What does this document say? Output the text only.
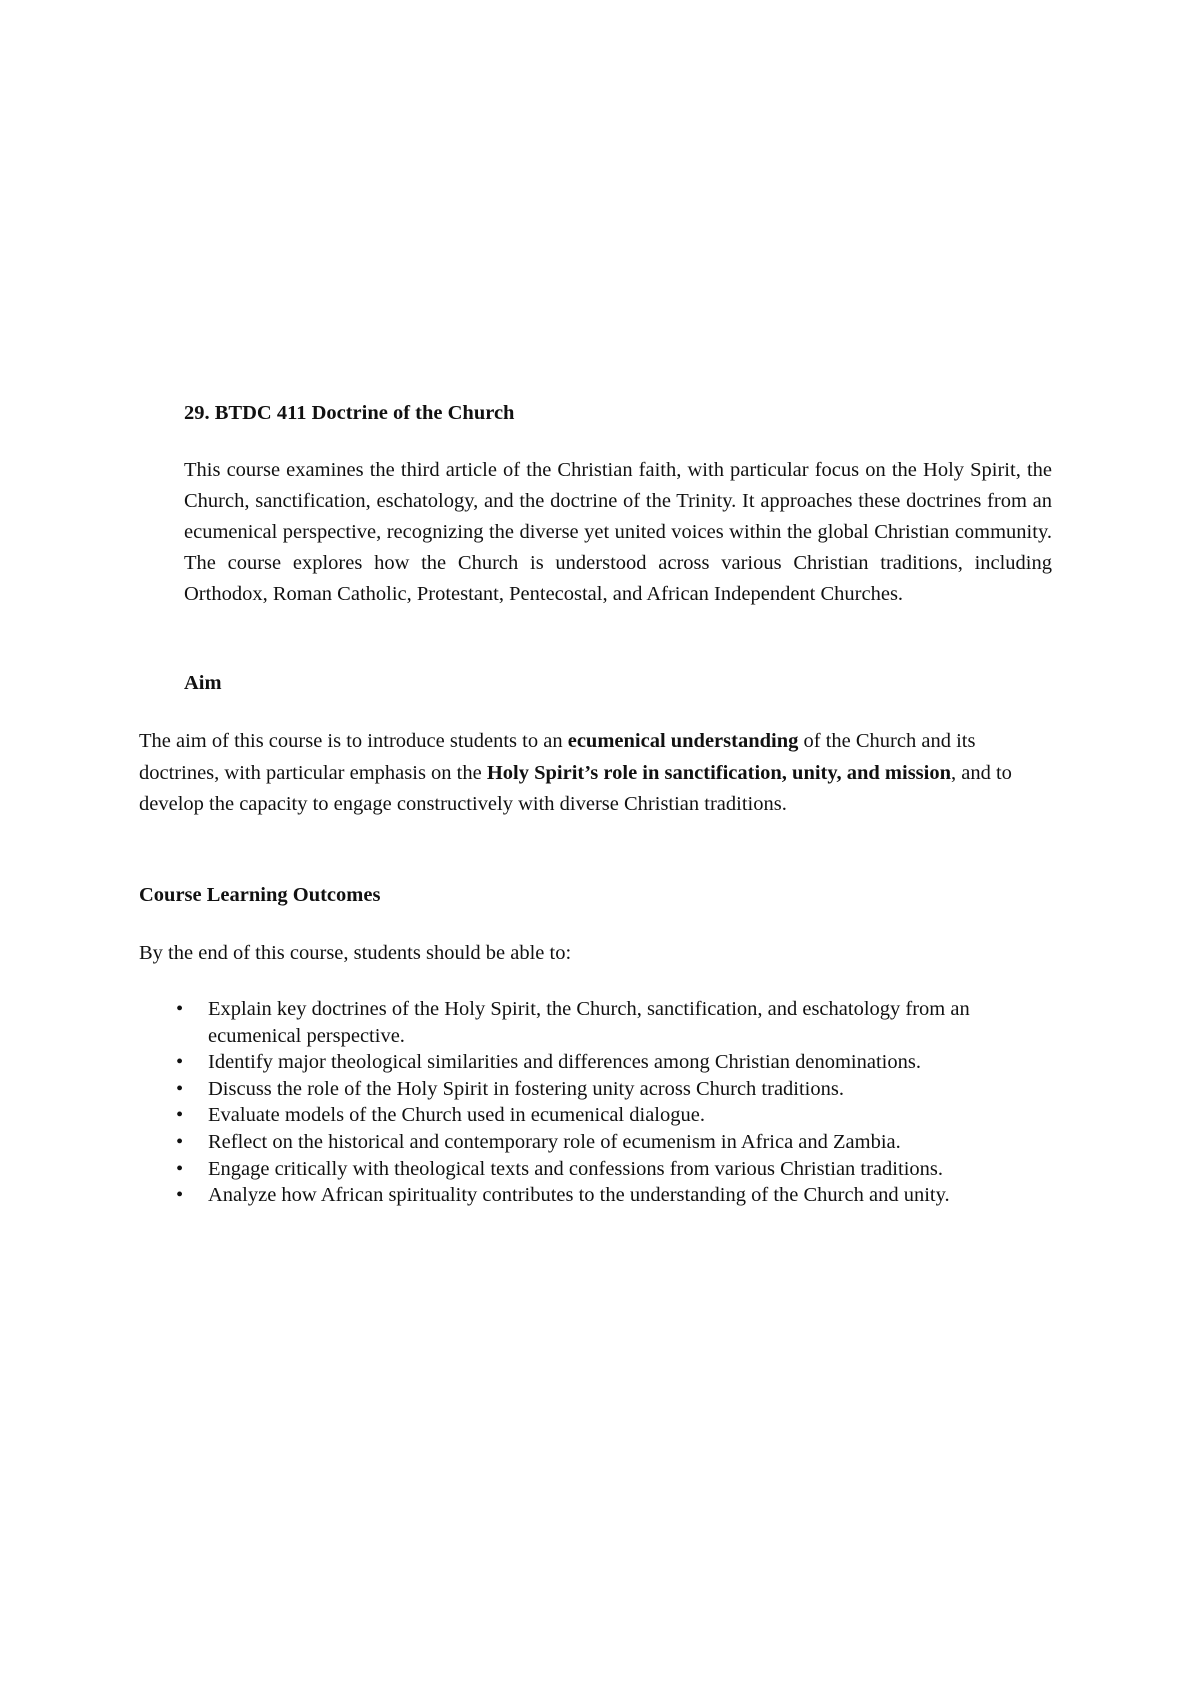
29. BTDC 411 Doctrine of the Church

This course examines the third article of the Christian faith, with particular focus on the Holy Spirit, the Church, sanctification, eschatology, and the doctrine of the Trinity. It approaches these doctrines from an ecumenical perspective, recognizing the diverse yet united voices within the global Christian community. The course explores how the Church is understood across various Christian traditions, including Orthodox, Roman Catholic, Protestant, Pentecostal, and African Independent Churches.

Aim

The aim of this course is to introduce students to an ecumenical understanding of the Church and its doctrines, with particular emphasis on the Holy Spirit’s role in sanctification, unity, and mission, and to develop the capacity to engage constructively with diverse Christian traditions.

Course Learning Outcomes

By the end of this course, students should be able to:

• Explain key doctrines of the Holy Spirit, the Church, sanctification, and eschatology from an ecumenical perspective.
• Identify major theological similarities and differences among Christian denominations.
• Discuss the role of the Holy Spirit in fostering unity across Church traditions.
• Evaluate models of the Church used in ecumenical dialogue.
• Reflect on the historical and contemporary role of ecumenism in Africa and Zambia.
• Engage critically with theological texts and confessions from various Christian traditions.
• Analyze how African spirituality contributes to the understanding of the Church and unity.
